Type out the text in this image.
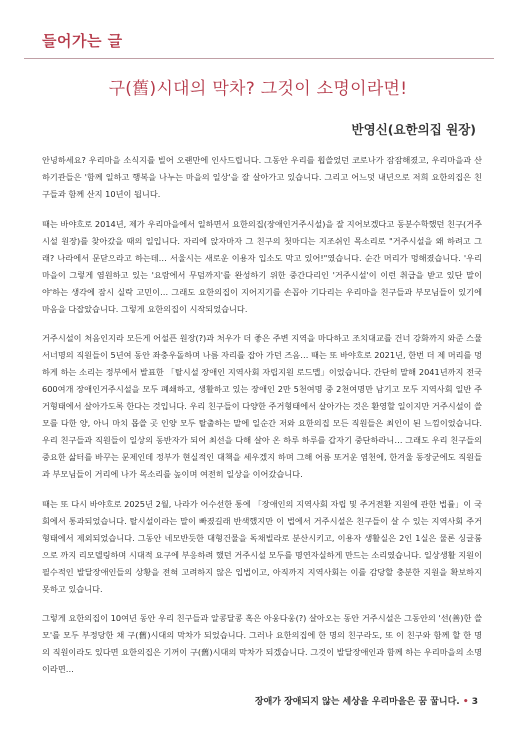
들어가는 글
구(舊)시대의 막차? 그것이 소명이라면!
반영신(요한의집 원장)

안녕하세요? 우리마을 소식지를 빌어 오랜만에 인사드립니다. 그동안 우리를 휩쓸었던 코로나가 잠잠해졌고, 우리마을과 산하기관들은 '함께 일하고 행복을 나누는 마을의 일상'을 잘 살아가고 있습니다. 그리고 어느덧 내년으로 저희 요한의집은 친구들과 함께 산지 10년이 됩니다.

때는 바야흐로 2014년, 제가 우리마을에서 일하면서 요한의집(장애인거주시설)을 잘 지어보겠다고 동분수학했던 친구(거주시설 원장)를 찾아갔을 때의 일입니다. 자리에 앉자마자 그 친구의 첫마디는 지조쉬인 목소리로 "거주시설을 왜 하려고 그래? 나라에서 문닫으라고 하는데… 서울시는 새로운 이용자 입소도 막고 있어!"였습니다. 순간 머리가 멍해졌습니다. '우리마을이 그렇게 염원하고 있는 '요람에서 무덤까지'를 완성하기 위한 중간다리인 '거주시설'이 이런 취급을 받고 있단 말이야'하는 생각에 잠시 실락 고민이… 그래도 요한의집이 지어지기를 손꼽아 기다리는 우리마을 친구들과 부모님들이 있기에 마음을 다잡았습니다. 그렇게 요한의집이 시작되었습니다.

거주시설이 처음인지라 모든게 어설픈 원장(?)과 처우가 더 좋은 주변 지역을 마다하고 조치대교를 건너 강화까지 와준 스물 서너명의 직원들이 5년여 동안 좌충우돌하며 나름 자리를 잡아 가던 즈음… 때는 또 바야흐로 2021년, 한번 더 제 머리를 멍하게 하는 소리는 정부에서 발표한 「탈시설 장애인 지역사회 자립지원 로드맵」이었습니다. 간단히 말해 2041년까지 전국 600여개 장애인거주시설을 모두 폐쇄하고, 생활하고 있는 장애인 2만 5천여명 중 2천여명만 남기고 모두 지역사회 일반 주거형태에서 살아가도록 한다는 것입니다. 우리 친구들이 다양한 주거형태에서 살아가는 것은 환영할 일이지만 거주시설이 쓸모를 다한 양, 아니 마치 몹쓸 곳 인양 모두 탈출하는 말에 일순간 저와 요한의집 모든 직원들은 최인이 된 느낌이었습니다. 우리 친구들과 직원들이 일상의 동반자가 되어 최선을 다해 살아 온 하루 하루를 갑자기 중단하라니… 그래도 우리 친구들의 중요한 삶터를 바꾸는 문제인데 정부가 현실적인 대책을 세우겠지 하며 그해 어름 또거운 염천에, 한겨울 동장군에도 직원들과 부모님들이 거리에 나가 목소리를 높이며 여전히 일상을 이어갔습니다.

때는 또 다시 바야흐로 2025년 2월, 나라가 어수선한 통에 「장애인의 지역사회 자립 및 주거전환 지원에 관한 법률」이 국회에서 통과되었습니다. 탈시설이라는 말이 빠졌길래 반색했지만 이 법에서 거주시설은 친구들이 살 수 있는 지역사회 주거형태에서 제외되었습니다. 그동안 네모반듯한 대형건물을 독채빌라로 분산시키고, 이용자 생활실은 2인 1실은 물론 싱글룸으로 까지 리모델링하며 시대적 요구에 부응하려 했던 거주시설 모두를 명연자실하게 만드는 소리였습니다. 일상생활 지원이 필수적인 발달장애인들의 상황을 전혀 고려하지 않은 입법이고, 아직까지 지역사회는 이를 감당할 충분한 지원을 확보하지 못하고 있습니다.

그렇게 요한의집이 10여년 동안 우리 친구들과 알콩달콩 혹은 아웅다웅(?) 살아오는 동안 거주시설은 그동안의 '선(善)한 쓸모'를 모두 부정당한 채 구(舊)시대의 막차가 되었습니다. 그러나 요한의집에 한 명의 친구라도, 또 이 친구와 함께 할 한 명의 직원이라도 있다면 요한의집은 기꺼이 구(舊)시대의 막차가 되겠습니다. 그것이 발달장애인과 함께 하는 우리마을의 소명이라면…

장애가 장애되지 않는 세상을 우리마을은 꿈 꿉니다. • 3
